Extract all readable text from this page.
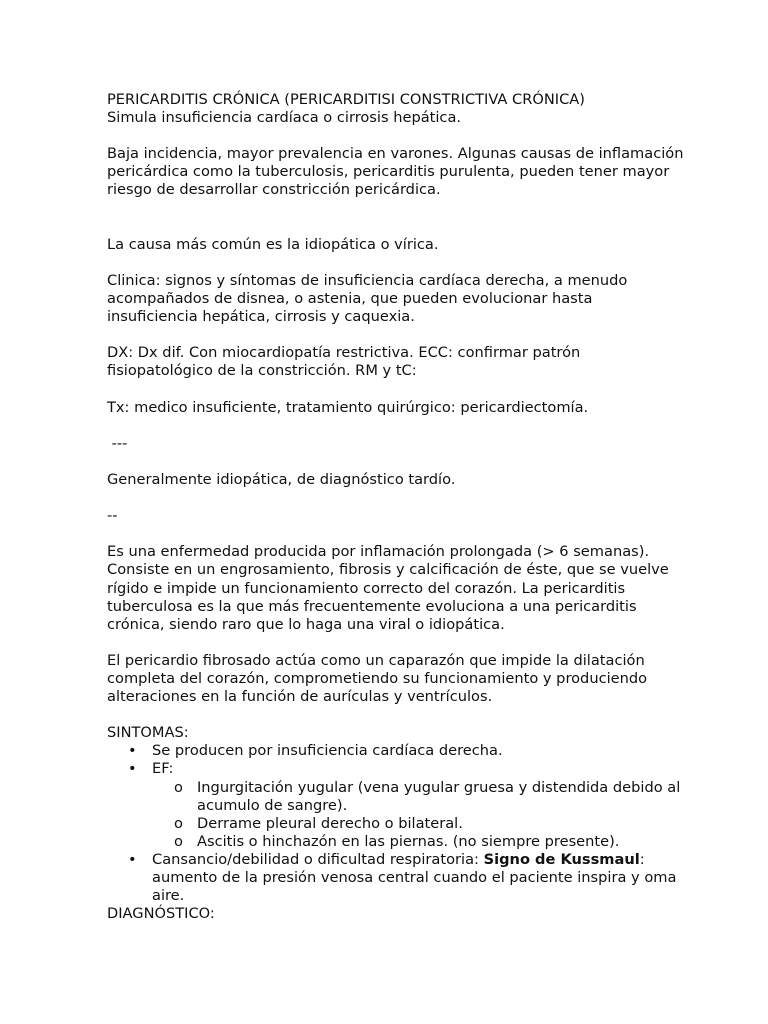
PERICARDITIS CRÓNICA (PERICARDITISI CONSTRICTIVA CRÓNICA)

Simula insuficiencia cardíaca o cirrosis hepática.

Baja incidencia, mayor prevalencia en varones. Algunas causas de inflamación pericárdica como la tuberculosis, pericarditis purulenta, pueden tener mayor riesgo de desarrollar constricción pericárdica.

La causa más común es la idiopática o vírica.

Clinica: signos y síntomas de insuficiencia cardíaca derecha, a menudo acompañados de disnea, o astenia, que pueden evolucionar hasta insuficiencia hepática, cirrosis y caquexia.

DX: Dx dif. Con miocardiopatía restrictiva. ECC: confirmar patrón fisiopatológico de la constricción. RM y tC:

Tx: medico insuficiente, tratamiento quirúrgico: pericardiectomía.

---

Generalmente idiopática, de diagnóstico tardío.

--

Es una enfermedad producida por inflamación prolongada (> 6 semanas). Consiste en un engrosamiento, fibrosis y calcificación de éste, que se vuelve rígido e impide un funcionamiento correcto del corazón. La pericarditis tuberculosa es la que más frecuentemente evoluciona a una pericarditis crónica, siendo raro que lo haga una viral o idiopática.

El pericardio fibrosado actúa como un caparazón que impide la dilatación completa del corazón, comprometiendo su funcionamiento y produciendo alteraciones en la función de aurículas y ventrículos.

SINTOMAS:

• Se producen por insuficiencia cardíaca derecha.
• EF:
o Ingurgitación yugular (vena yugular gruesa y distendida debido al acumulo de sangre).
o Derrame pleural derecho o bilateral.
o Ascitis o hinchazón en las piernas. (no siempre presente).
• Cansancio/debilidad o dificultad respiratoria: Signo de Kussmaul: aumento de la presión venosa central cuando el paciente inspira y oma aire.

DIAGNÓSTICO:
